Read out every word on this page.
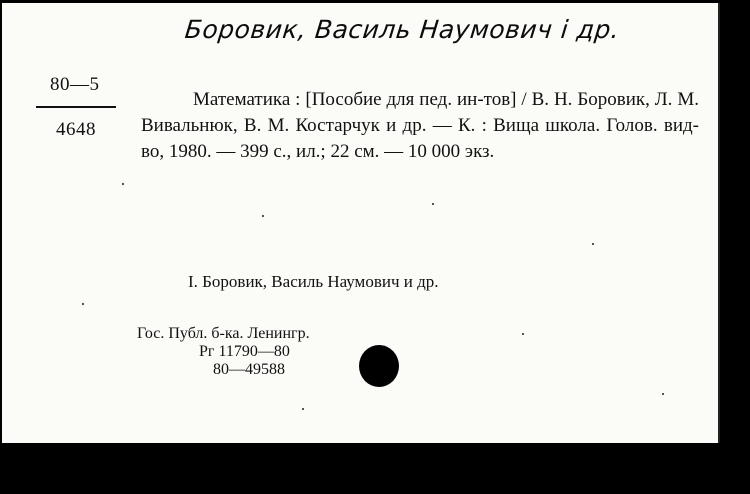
Боровик, Василь Наумович і др.
80—5
4648
Математика : [Пособие для пед. ин-тов] / В. Н. Боровик, Л. М. Вивальнюк, В. М. Костарчук и др. — К. : Вища школа. Голов. вид-во, 1980. — 399 с., ил.; 22 см. — 10 000 экз.
I. Боровик, Василь Наумович и др.
Гос. Публ. б-ка. Ленингр.
Pг 11790—80
80—49588
